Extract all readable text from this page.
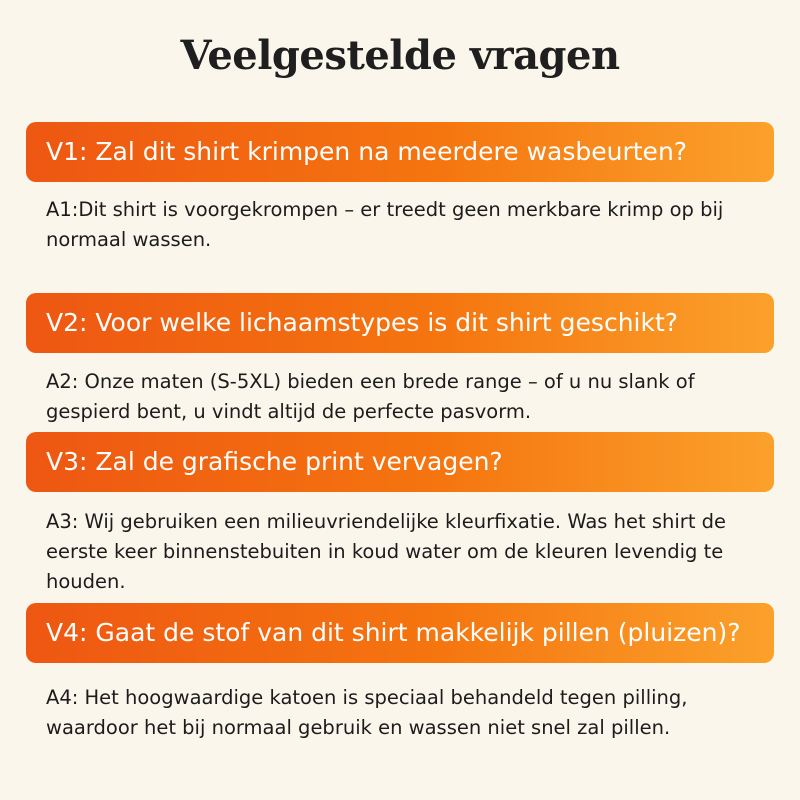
Veelgestelde vragen
V1: Zal dit shirt krimpen na meerdere wasbeurten?
A1:Dit shirt is voorgekrompen – er treedt geen merkbare krimp op bij normaal wassen.
V2: Voor welke lichaamstypes is dit shirt geschikt?
A2: Onze maten (S-5XL) bieden een brede range – of u nu slank of gespierd bent, u vindt altijd de perfecte pasvorm.
V3: Zal de grafische print vervagen?
A3: Wij gebruiken een milieuvriendelijke kleurfixatie. Was het shirt de eerste keer binnenstebuiten in koud water om de kleuren levendig te houden.
V4: Gaat de stof van dit shirt makkelijk pillen (pluizen)?
A4: Het hoogwaardige katoen is speciaal behandeld tegen pilling, waardoor het bij normaal gebruik en wassen niet snel zal pillen.
